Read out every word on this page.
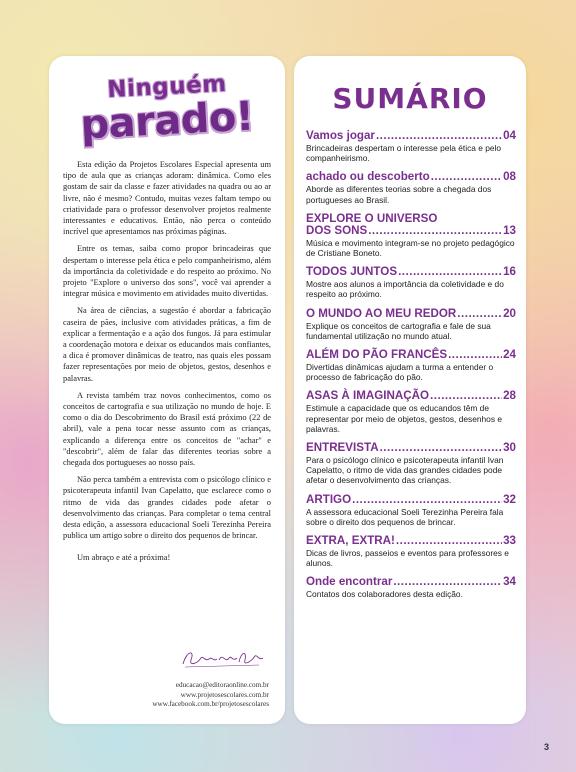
Ninguém
parado!

Esta edição da Projetos Escolares Especial apresenta um tipo de aula que as crianças adoram: dinâmica. Como eles gostam de sair da classe e fazer atividades na quadra ou ao ar livre, não é mesmo? Contudo, muitas vezes faltam tempo ou criatividade para o professor desenvolver projetos realmente interessantes e educativos. Então, não perca o conteúdo incrível que apresentamos nas próximas páginas.

Entre os temas, saiba como propor brincadeiras que despertam o interesse pela ética e pelo companheirismo, além da importância da coletividade e do respeito ao próximo. No projeto "Explore o universo dos sons", você vai aprender a integrar música e movimento em atividades muito divertidas.

Na área de ciências, a sugestão é abordar a fabricação caseira de pães, inclusive com atividades práticas, a fim de explicar a fermentação e a ação dos fungos. Já para estimular a coordenação motora e deixar os educandos mais confiantes, a dica é promover dinâmicas de teatro, nas quais eles possam fazer representações por meio de objetos, gestos, desenhos e palavras.

A revista também traz novos conhecimentos, como os conceitos de cartografia e sua utilização no mundo de hoje. E como o dia do Descobrimento do Brasil está próximo (22 de abril), vale a pena tocar nesse assunto com as crianças, explicando a diferença entre os conceitos de "achar" e "descobrir", além de falar das diferentes teorias sobre a chegada dos portugueses ao nosso país.

Não perca também a entrevista com o psicólogo clínico e psicoterapeuta infantil Ivan Capelatto, que esclarece como o ritmo de vida das grandes cidades pode afetar o desenvolvimento das crianças. Para completar o tema central desta edição, a assessora educacional Soeli Terezinha Pereira publica um artigo sobre o direito dos pequenos de brincar.

Um abraço e até a próxima!

educacao@editoraonline.com.br
www.projetosescolares.com.br
www.facebook.com.br/projetosescolares
SUMÁRIO
Vamos jogar .....	04
Brincadeiras despertam o interesse pela ética e pelo companheirismo.
achado ou descoberto .....	08
Aborde as diferentes teorias sobre a chegada dos portugueses ao Brasil.
EXPLORE O UNIVERSO
DOS SONS .....	13
Música e movimento integram-se no projeto pedagógico de Cristiane Boneto.
TODOS JUNTOS .....	16
Mostre aos alunos a importância da coletividade e do respeito ao próximo.
O MUNDO AO MEU REDOR .....	20
Explique os conceitos de cartografia e fale de sua fundamental utilização no mundo atual.
ALÉM DO PÃO FRANCÊS .....	24
Divertidas dinâmicas ajudam a turma a entender o processo de fabricação do pão.
ASAS À IMAGINAÇÃO .....	28
Estimule a capacidade que os educandos têm de representar por meio de objetos, gestos, desenhos e palavras.
ENTREVISTA .....	30
Para o psicólogo clínico e psicoterapeuta infantil Ivan Capelatto, o ritmo de vida das grandes cidades pode afetar o desenvolvimento das crianças.
ARTIGO .....	32
A assessora educacional Soeli Terezinha Pereira fala sobre o direito dos pequenos de brincar.
EXTRA, EXTRA! .....	33
Dicas de livros, passeios e eventos para professores e alunos.
Onde encontrar .....	34
Contatos dos colaboradores desta edição.
3
